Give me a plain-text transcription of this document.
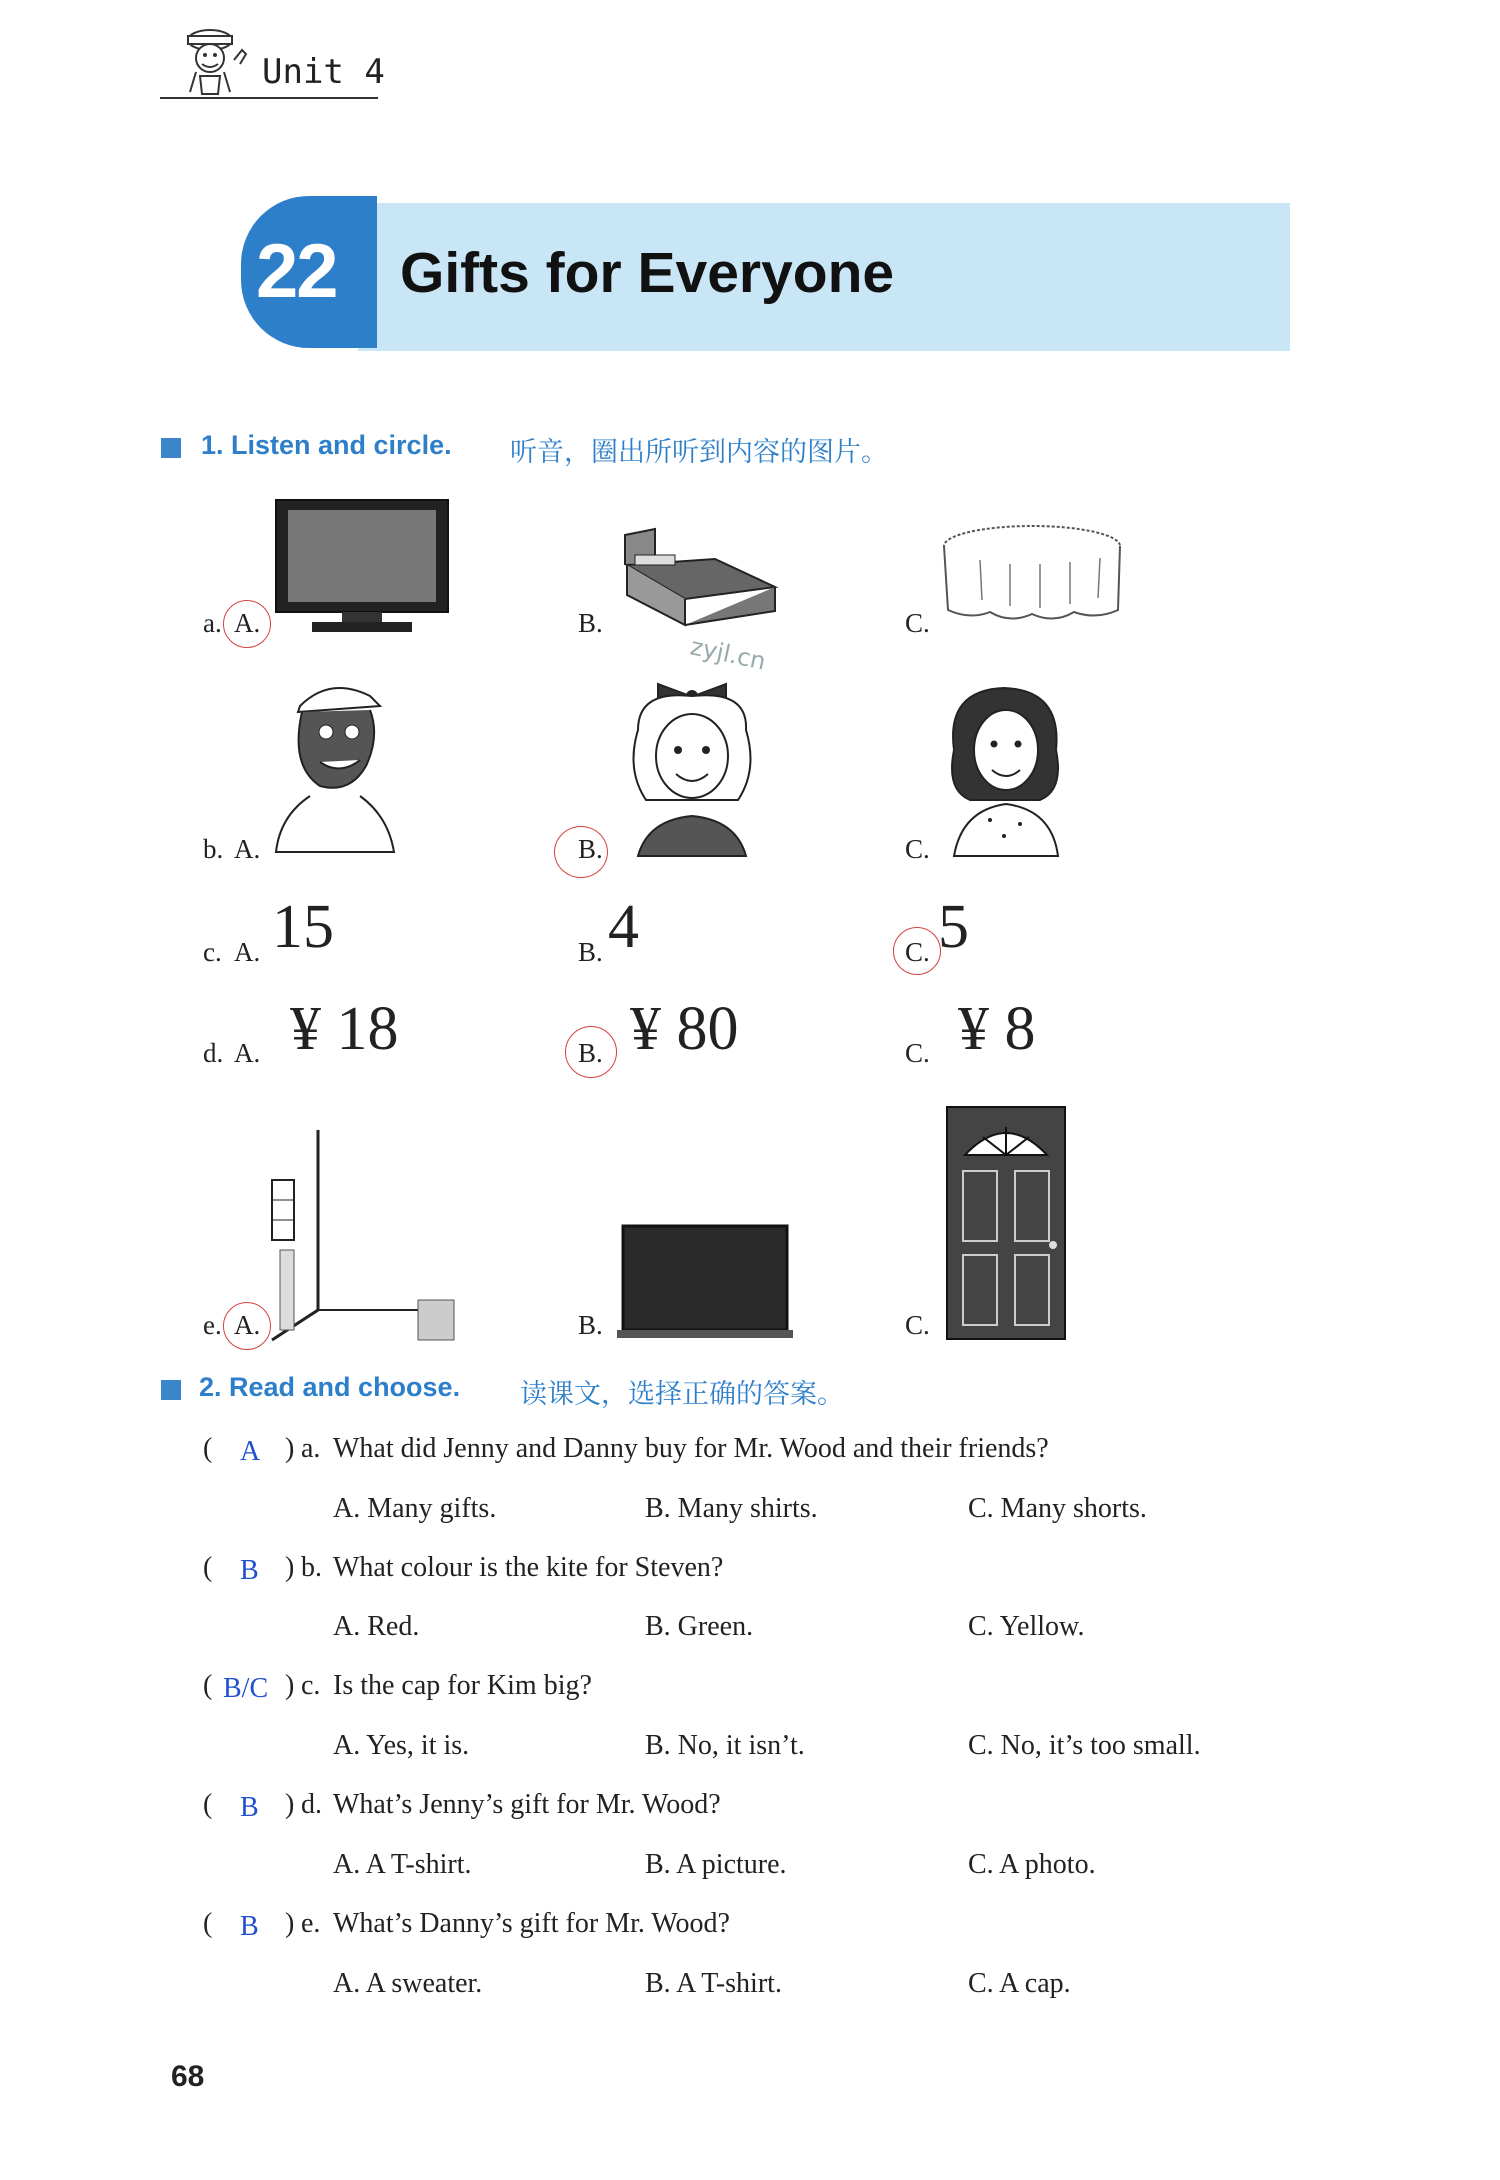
Unit 4
22 Gifts for Everyone
1. Listen and circle. 听音，圈出所听到内容的图片。
a. A.	B.	C.
zyjl.cn
b. A.	B.	C.
c. A. 15	B. 4	C. 5
d. A. ¥ 18	B. ¥ 80	C. ¥ 8
e. A.	B.	C.
2. Read and choose. 读课文，选择正确的答案。
( A ) a. What did Jenny and Danny buy for Mr. Wood and their friends?
A. Many gifts.	B. Many shirts.	C. Many shorts.
( B ) b. What colour is the kite for Steven?
A. Red.	B. Green.	C. Yellow.
( B/C ) c. Is the cap for Kim big?
A. Yes, it is.	B. No, it isn’t.	C. No, it’s too small.
( B ) d. What’s Jenny’s gift for Mr. Wood?
A. A T-shirt.	B. A picture.	C. A photo.
( B ) e. What’s Danny’s gift for Mr. Wood?
A. A sweater.	B. A T-shirt.	C. A cap.
68
